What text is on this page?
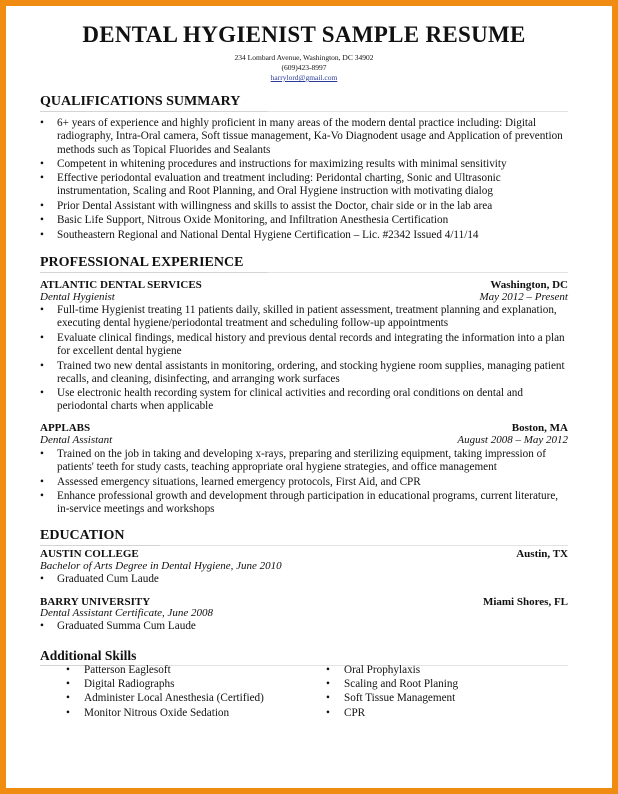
DENTAL HYGIENIST SAMPLE RESUME
234 Lombard Avenue, Washington, DC 34902
(609)423-8997
harrylord@gmail.com
QUALIFICATIONS SUMMARY
• 6+ years of experience and highly proficient in many areas of the modern dental practice including: Digital radiography, Intra-Oral camera, Soft tissue management, Ka-Vo Diagnodent usage and Application of prevention methods such as Topical Fluorides and Sealants
• Competent in whitening procedures and instructions for maximizing results with minimal sensitivity
• Effective periodontal evaluation and treatment including: Peridontal charting, Sonic and Ultrasonic instrumentation, Scaling and Root Planning, and Oral Hygiene instruction with motivating dialog
• Prior Dental Assistant with willingness and skills to assist the Doctor, chair side or in the lab area
• Basic Life Support, Nitrous Oxide Monitoring, and Infiltration Anesthesia Certification
• Southeastern Regional and National Dental Hygiene Certification – Lic. #2342 Issued 4/11/14
PROFESSIONAL EXPERIENCE
ATLANTIC DENTAL SERVICES	Washington, DC
Dental Hygienist	May 2012 – Present
• Full-time Hygienist treating 11 patients daily, skilled in patient assessment, treatment planning and explanation, executing dental hygiene/periodontal treatment and scheduling follow-up appointments
• Evaluate clinical findings, medical history and previous dental records and integrating the information into a plan for excellent dental hygiene
• Trained two new dental assistants in monitoring, ordering, and stocking hygiene room supplies, managing patient recalls, and cleaning, disinfecting, and arranging work surfaces
• Use electronic health recording system for clinical activities and recording oral conditions on dental and periodontal charts when applicable
APPLABS	Boston, MA
Dental Assistant	August 2008 – May 2012
• Trained on the job in taking and developing x-rays, preparing and sterilizing equipment, taking impression of patients' teeth for study casts, teaching appropriate oral hygiene strategies, and office management
• Assessed emergency situations, learned emergency protocols, First Aid, and CPR
• Enhance professional growth and development through participation in educational programs, current literature, in-service meetings and workshops
EDUCATION
AUSTIN COLLEGE	Austin, TX
Bachelor of Arts Degree in Dental Hygiene, June 2010
• Graduated Cum Laude
BARRY UNIVERSITY	Miami Shores, FL
Dental Assistant Certificate, June 2008
• Graduated Summa Cum Laude
Additional Skills
• Patterson Eaglesoft
• Digital Radiographs
• Administer Local Anesthesia (Certified)
• Monitor Nitrous Oxide Sedation
• Oral Prophylaxis
• Scaling and Root Planing
• Soft Tissue Management
• CPR
